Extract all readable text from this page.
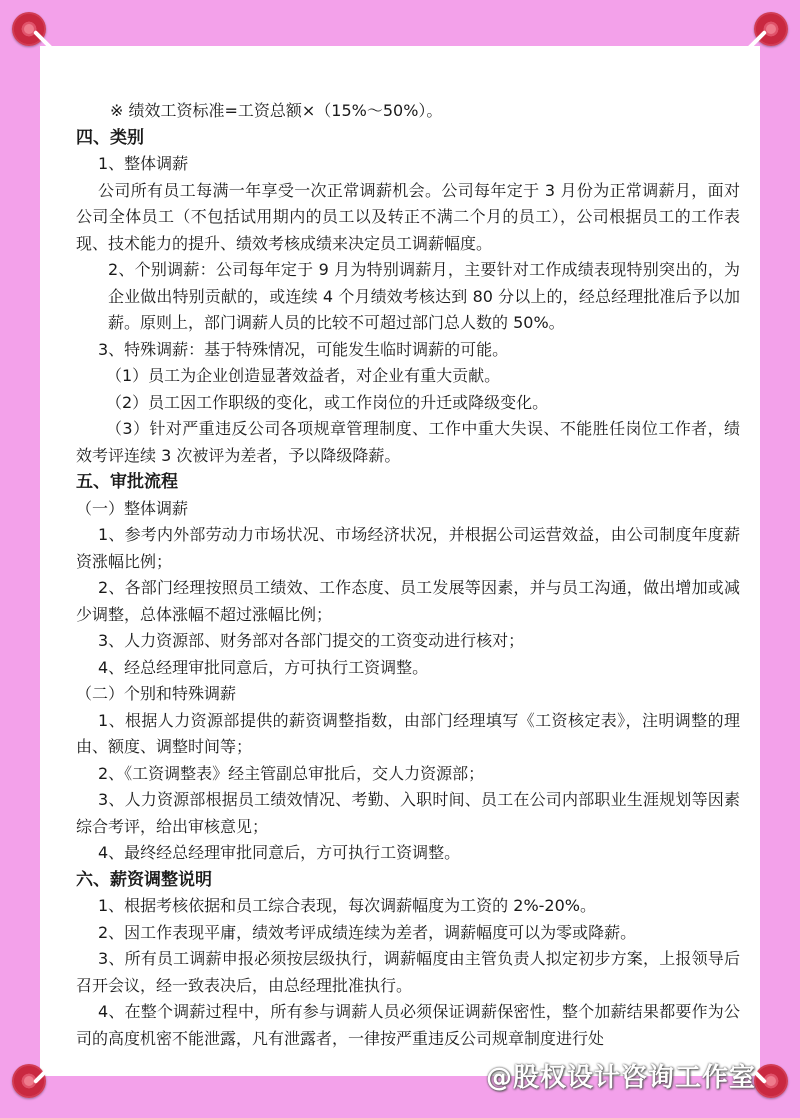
※ 绩效工资标准=工资总额×（15%～50%）。

四、类别

1、整体调薪

公司所有员工每满一年享受一次正常调薪机会。公司每年定于 3 月份为正常调薪月，面对公司全体员工（不包括试用期内的员工以及转正不满二个月的员工），公司根据员工的工作表现、技术能力的提升、绩效考核成绩来决定员工调薪幅度。

2、个别调薪：公司每年定于 9 月为特别调薪月，主要针对工作成绩表现特别突出的，为企业做出特别贡献的，或连续 4 个月绩效考核达到 80 分以上的，经总经理批准后予以加薪。原则上，部门调薪人员的比较不可超过部门总人数的 50%。

3、特殊调薪：基于特殊情况，可能发生临时调薪的可能。

（1）员工为企业创造显著效益者，对企业有重大贡献。

（2）员工因工作职级的变化，或工作岗位的升迁或降级变化。

（3）针对严重违反公司各项规章管理制度、工作中重大失误、不能胜任岗位工作者，绩效考评连续 3 次被评为差者，予以降级降薪。

五、审批流程

（一）整体调薪

1、参考内外部劳动力市场状况、市场经济状况，并根据公司运营效益，由公司制度年度薪资涨幅比例；

2、各部门经理按照员工绩效、工作态度、员工发展等因素，并与员工沟通，做出增加或减少调整，总体涨幅不超过涨幅比例；

3、人力资源部、财务部对各部门提交的工资变动进行核对；

4、经总经理审批同意后，方可执行工资调整。

（二）个别和特殊调薪

1、根据人力资源部提供的薪资调整指数，由部门经理填写《工资核定表》，注明调整的理由、额度、调整时间等；

2、《工资调整表》经主管副总审批后，交人力资源部；

3、人力资源部根据员工绩效情况、考勤、入职时间、员工在公司内部职业生涯规划等因素综合考评，给出审核意见；

4、最终经总经理审批同意后，方可执行工资调整。

六、薪资调整说明

1、根据考核依据和员工综合表现，每次调薪幅度为工资的 2%-20%。

2、因工作表现平庸，绩效考评成绩连续为差者，调薪幅度可以为零或降薪。

3、所有员工调薪申报必须按层级执行，调薪幅度由主管负责人拟定初步方案，上报领导后召开会议，经一致表决后，由总经理批准执行。

4、在整个调薪过程中，所有参与调薪人员必须保证调薪保密性，整个加薪结果都要作为公司的高度机密不能泄露，凡有泄露者，一律按严重违反公司规章制度进行处

@股权设计咨询工作室
